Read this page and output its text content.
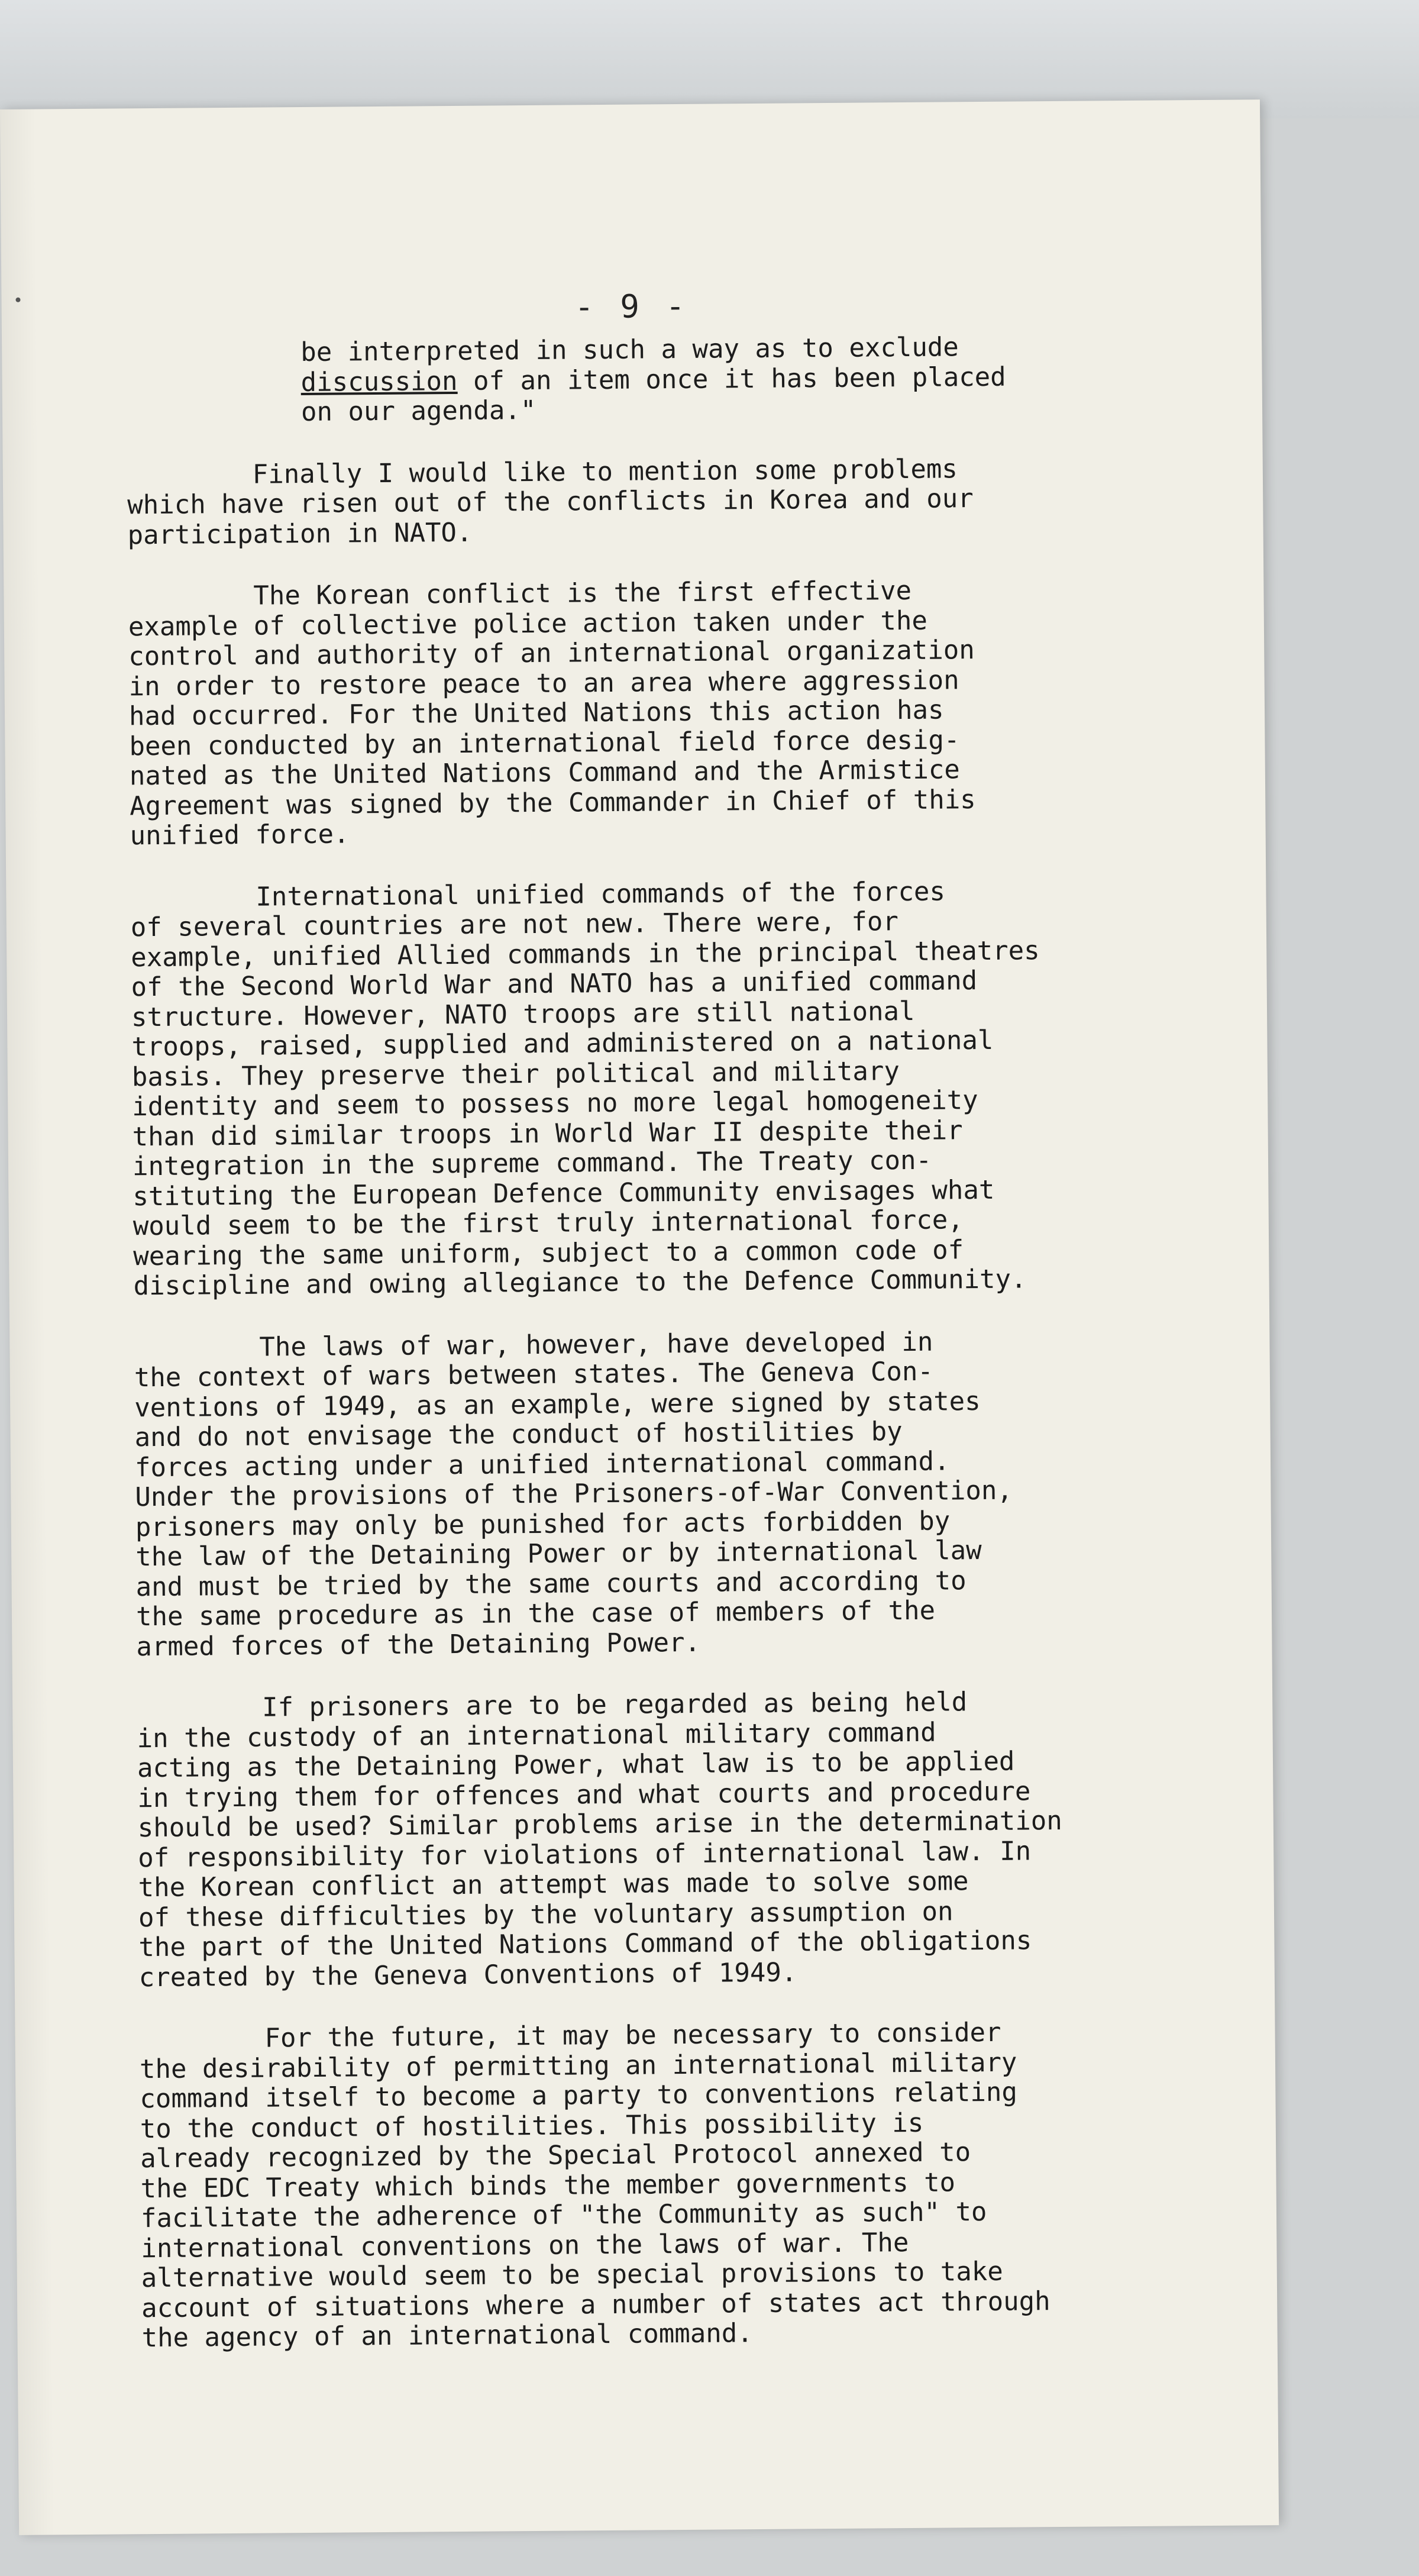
- 9 -
be interpreted in such a way as to exclude
discussion of an item once it has been placed
on our agenda."
Finally I would like to mention some problems
which have risen out of the conflicts in Korea and our
participation in NATO.
The Korean conflict is the first effective
example of collective police action taken under the
control and authority of an international organization
in order to restore peace to an area where aggression
had occurred. For the United Nations this action has
been conducted by an international field force desig-
nated as the United Nations Command and the Armistice
Agreement was signed by the Commander in Chief of this
unified force.
International unified commands of the forces
of several countries are not new. There were, for
example, unified Allied commands in the principal theatres
of the Second World War and NATO has a unified command
structure. However, NATO troops are still national
troops, raised, supplied and administered on a national
basis. They preserve their political and military
identity and seem to possess no more legal homogeneity
than did similar troops in World War II despite their
integration in the supreme command. The Treaty con-
stituting the European Defence Community envisages what
would seem to be the first truly international force,
wearing the same uniform, subject to a common code of
discipline and owing allegiance to the Defence Community.
The laws of war, however, have developed in
the context of wars between states. The Geneva Con-
ventions of 1949, as an example, were signed by states
and do not envisage the conduct of hostilities by
forces acting under a unified international command.
Under the provisions of the Prisoners-of-War Convention,
prisoners may only be punished for acts forbidden by
the law of the Detaining Power or by international law
and must be tried by the same courts and according to
the same procedure as in the case of members of the
armed forces of the Detaining Power.
If prisoners are to be regarded as being held
in the custody of an international military command
acting as the Detaining Power, what law is to be applied
in trying them for offences and what courts and procedure
should be used? Similar problems arise in the determination
of responsibility for violations of international law. In
the Korean conflict an attempt was made to solve some
of these difficulties by the voluntary assumption on
the part of the United Nations Command of the obligations
created by the Geneva Conventions of 1949.
For the future, it may be necessary to consider
the desirability of permitting an international military
command itself to become a party to conventions relating
to the conduct of hostilities. This possibility is
already recognized by the Special Protocol annexed to
the EDC Treaty which binds the member governments to
facilitate the adherence of "the Community as such" to
international conventions on the laws of war. The
alternative would seem to be special provisions to take
account of situations where a number of states act through
the agency of an international command.
